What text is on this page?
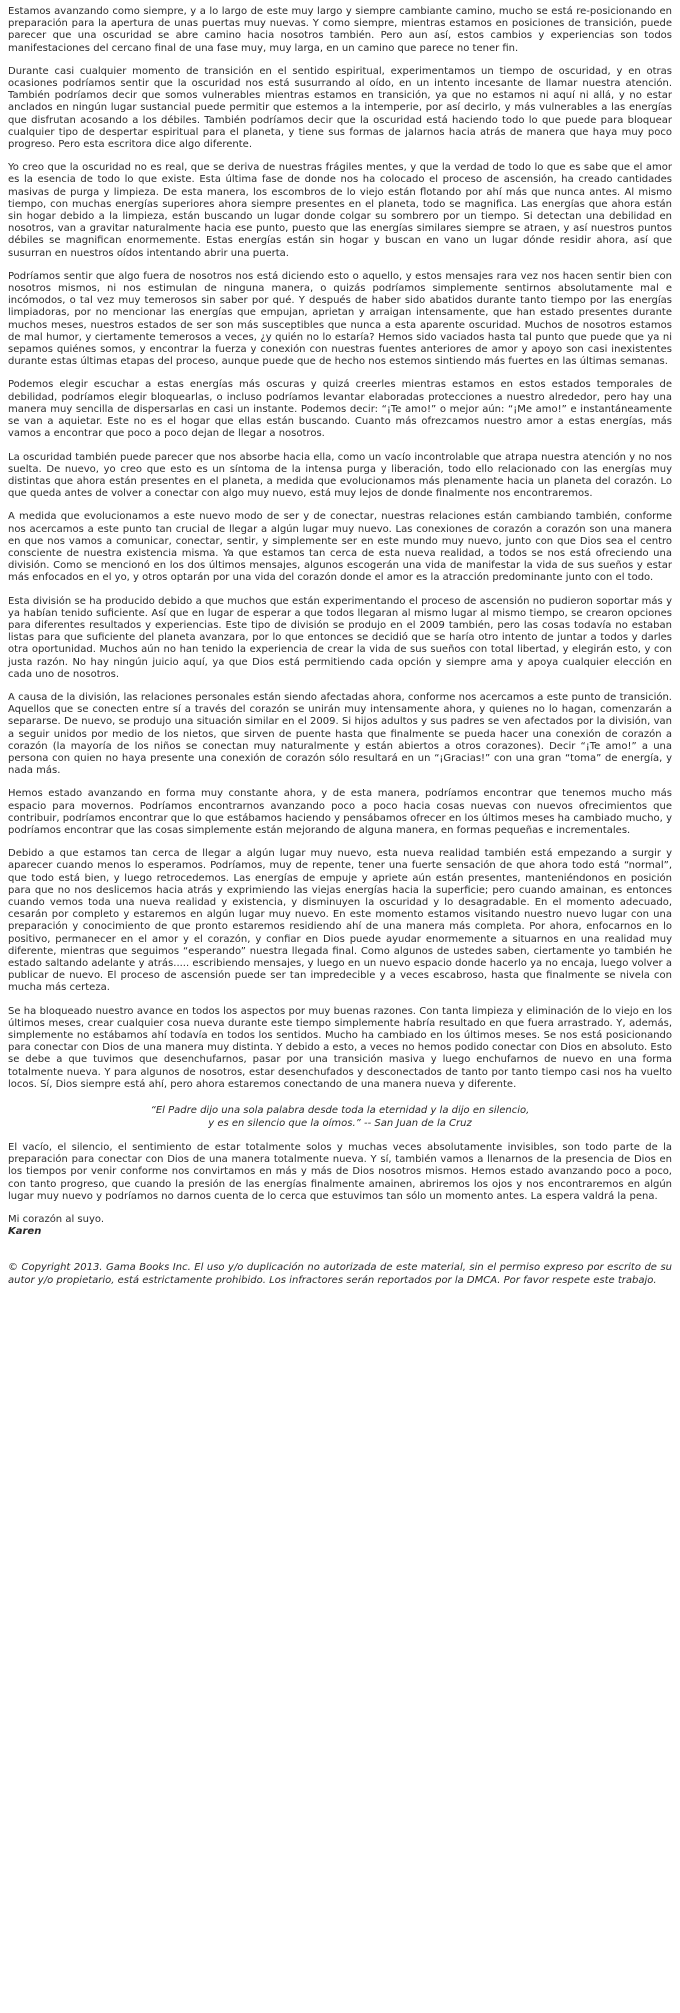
Estamos avanzando como siempre, y a lo largo de este muy largo y siempre cambiante camino, mucho se está re-posicionando en preparación para la apertura de unas puertas muy nuevas. Y como siempre, mientras estamos en posiciones de transición, puede parecer que una oscuridad se abre camino hacia nosotros también. Pero aun así, estos cambios y experiencias son todos manifestaciones del cercano final de una fase muy, muy larga, en un camino que parece no tener fin.

Durante casi cualquier momento de transición en el sentido espiritual, experimentamos un tiempo de oscuridad, y en otras ocasiones podríamos sentir que la oscuridad nos está susurrando al oído, en un intento incesante de llamar nuestra atención. También podríamos decir que somos vulnerables mientras estamos en transición, ya que no estamos ni aquí ni allá, y no estar anclados en ningún lugar sustancial puede permitir que estemos a la intemperie, por así decirlo, y más vulnerables a las energías que disfrutan acosando a los débiles. También podríamos decir que la oscuridad está haciendo todo lo que puede para bloquear cualquier tipo de despertar espiritual para el planeta, y tiene sus formas de jalarnos hacia atrás de manera que haya muy poco progreso. Pero esta escritora dice algo diferente.

Yo creo que la oscuridad no es real, que se deriva de nuestras frágiles mentes, y que la verdad de todo lo que es sabe que el amor es la esencia de todo lo que existe. Esta última fase de donde nos ha colocado el proceso de ascensión, ha creado cantidades masivas de purga y limpieza. De esta manera, los escombros de lo viejo están flotando por ahí más que nunca antes. Al mismo tiempo, con muchas energías superiores ahora siempre presentes en el planeta, todo se magnifica. Las energías que ahora están sin hogar debido a la limpieza, están buscando un lugar donde colgar su sombrero por un tiempo. Si detectan una debilidad en nosotros, van a gravitar naturalmente hacia ese punto, puesto que las energías similares siempre se atraen, y así nuestros puntos débiles se magnifican enormemente. Estas energías están sin hogar y buscan en vano un lugar dónde residir ahora, así que susurran en nuestros oídos intentando abrir una puerta.

Podríamos sentir que algo fuera de nosotros nos está diciendo esto o aquello, y estos mensajes rara vez nos hacen sentir bien con nosotros mismos, ni nos estimulan de ninguna manera, o quizás podríamos simplemente sentirnos absolutamente mal e incómodos, o tal vez muy temerosos sin saber por qué. Y después de haber sido abatidos durante tanto tiempo por las energías limpiadoras, por no mencionar las energías que empujan, aprietan y arraigan intensamente, que han estado presentes durante muchos meses, nuestros estados de ser son más susceptibles que nunca a esta aparente oscuridad. Muchos de nosotros estamos de mal humor, y ciertamente temerosos a veces, ¿y quién no lo estaría? Hemos sido vaciados hasta tal punto que puede que ya ni sepamos quiénes somos, y encontrar la fuerza y conexión con nuestras fuentes anteriores de amor y apoyo son casi inexistentes durante estas últimas etapas del proceso, aunque puede que de hecho nos estemos sintiendo más fuertes en las últimas semanas.

Podemos elegir escuchar a estas energías más oscuras y quizá creerles mientras estamos en estos estados temporales de debilidad, podríamos elegir bloquearlas, o incluso podríamos levantar elaboradas protecciones a nuestro alrededor, pero hay una manera muy sencilla de dispersarlas en casi un instante. Podemos decir: “¡Te amo!” o mejor aún: “¡Me amo!” e instantáneamente se van a aquietar. Este no es el hogar que ellas están buscando. Cuanto más ofrezcamos nuestro amor a estas energías, más vamos a encontrar que poco a poco dejan de llegar a nosotros.

La oscuridad también puede parecer que nos absorbe hacia ella, como un vacío incontrolable que atrapa nuestra atención y no nos suelta. De nuevo, yo creo que esto es un síntoma de la intensa purga y liberación, todo ello relacionado con las energías muy distintas que ahora están presentes en el planeta, a medida que evolucionamos más plenamente hacia un planeta del corazón. Lo que queda antes de volver a conectar con algo muy nuevo, está muy lejos de donde finalmente nos encontraremos.

A medida que evolucionamos a este nuevo modo de ser y de conectar, nuestras relaciones están cambiando también, conforme nos acercamos a este punto tan crucial de llegar a algún lugar muy nuevo. Las conexiones de corazón a corazón son una manera en que nos vamos a comunicar, conectar, sentir, y simplemente ser en este mundo muy nuevo, junto con que Dios sea el centro consciente de nuestra existencia misma. Ya que estamos tan cerca de esta nueva realidad, a todos se nos está ofreciendo una división. Como se mencionó en los dos últimos mensajes, algunos escogerán una vida de manifestar la vida de sus sueños y estar más enfocados en el yo, y otros optarán por una vida del corazón donde el amor es la atracción predominante junto con el todo.

Esta división se ha producido debido a que muchos que están experimentando el proceso de ascensión no pudieron soportar más y ya habían tenido suficiente. Así que en lugar de esperar a que todos llegaran al mismo lugar al mismo tiempo, se crearon opciones para diferentes resultados y experiencias. Este tipo de división se produjo en el 2009 también, pero las cosas todavía no estaban listas para que suficiente del planeta avanzara, por lo que entonces se decidió que se haría otro intento de juntar a todos y darles otra oportunidad. Muchos aún no han tenido la experiencia de crear la vida de sus sueños con total libertad, y elegirán esto, y con justa razón. No hay ningún juicio aquí, ya que Dios está permitiendo cada opción y siempre ama y apoya cualquier elección en cada uno de nosotros.

A causa de la división, las relaciones personales están siendo afectadas ahora, conforme nos acercamos a este punto de transición. Aquellos que se conecten entre sí a través del corazón se unirán muy intensamente ahora, y quienes no lo hagan, comenzarán a separarse. De nuevo, se produjo una situación similar en el 2009. Si hijos adultos y sus padres se ven afectados por la división, van a seguir unidos por medio de los nietos, que sirven de puente hasta que finalmente se pueda hacer una conexión de corazón a corazón (la mayoría de los niños se conectan muy naturalmente y están abiertos a otros corazones). Decir “¡Te amo!” a una persona con quien no haya presente una conexión de corazón sólo resultará en un “¡Gracias!” con una gran “toma” de energía, y nada más.

Hemos estado avanzando en forma muy constante ahora, y de esta manera, podríamos encontrar que tenemos mucho más espacio para movernos. Podríamos encontrarnos avanzando poco a poco hacia cosas nuevas con nuevos ofrecimientos que contribuir, podríamos encontrar que lo que estábamos haciendo y pensábamos ofrecer en los últimos meses ha cambiado mucho, y podríamos encontrar que las cosas simplemente están mejorando de alguna manera, en formas pequeñas e incrementales.

Debido a que estamos tan cerca de llegar a algún lugar muy nuevo, esta nueva realidad también está empezando a surgir y aparecer cuando menos lo esperamos. Podríamos, muy de repente, tener una fuerte sensación de que ahora todo está “normal”, que todo está bien, y luego retrocedemos. Las energías de empuje y apriete aún están presentes, manteniéndonos en posición para que no nos deslicemos hacia atrás y exprimiendo las viejas energías hacia la superficie; pero cuando amainan, es entonces cuando vemos toda una nueva realidad y existencia, y disminuyen la oscuridad y lo desagradable. En el momento adecuado, cesarán por completo y estaremos en algún lugar muy nuevo. En este momento estamos visitando nuestro nuevo lugar con una preparación y conocimiento de que pronto estaremos residiendo ahí de una manera más completa. Por ahora, enfocarnos en lo positivo, permanecer en el amor y el corazón, y confiar en Dios puede ayudar enormemente a situarnos en una realidad muy diferente, mientras que seguimos “esperando” nuestra llegada final. Como algunos de ustedes saben, ciertamente yo también he estado saltando adelante y atrás..... escribiendo mensajes, y luego en un nuevo espacio donde hacerlo ya no encaja, luego volver a publicar de nuevo. El proceso de ascensión puede ser tan impredecible y a veces escabroso, hasta que finalmente se nivela con mucha más certeza.

Se ha bloqueado nuestro avance en todos los aspectos por muy buenas razones. Con tanta limpieza y eliminación de lo viejo en los últimos meses, crear cualquier cosa nueva durante este tiempo simplemente habría resultado en que fuera arrastrado. Y, además, simplemente no estábamos ahí todavía en todos los sentidos. Mucho ha cambiado en los últimos meses. Se nos está posicionando para conectar con Dios de una manera muy distinta. Y debido a esto, a veces no hemos podido conectar con Dios en absoluto. Esto se debe a que tuvimos que desenchufarnos, pasar por una transición masiva y luego enchufarnos de nuevo en una forma totalmente nueva. Y para algunos de nosotros, estar desenchufados y desconectados de tanto por tanto tiempo casi nos ha vuelto locos. Sí, Dios siempre está ahí, pero ahora estaremos conectando de una manera nueva y diferente.

“El Padre dijo una sola palabra desde toda la eternidad y la dijo en silencio,
y es en silencio que la oímos.” -- San Juan de la Cruz

El vacío, el silencio, el sentimiento de estar totalmente solos y muchas veces absolutamente invisibles, son todo parte de la preparación para conectar con Dios de una manera totalmente nueva. Y sí, también vamos a llenarnos de la presencia de Dios en los tiempos por venir conforme nos convirtamos en más y más de Dios nosotros mismos. Hemos estado avanzando poco a poco, con tanto progreso, que cuando la presión de las energías finalmente amainen, abriremos los ojos y nos encontraremos en algún lugar muy nuevo y podríamos no darnos cuenta de lo cerca que estuvimos tan sólo un momento antes. La espera valdrá la pena.

Mi corazón al suyo.
Karen

© Copyright 2013. Gama Books Inc. El uso y/o duplicación no autorizada de este material, sin el permiso expreso por escrito de su autor y/o propietario, está estrictamente prohibido. Los infractores serán reportados por la DMCA. Por favor respete este trabajo.
